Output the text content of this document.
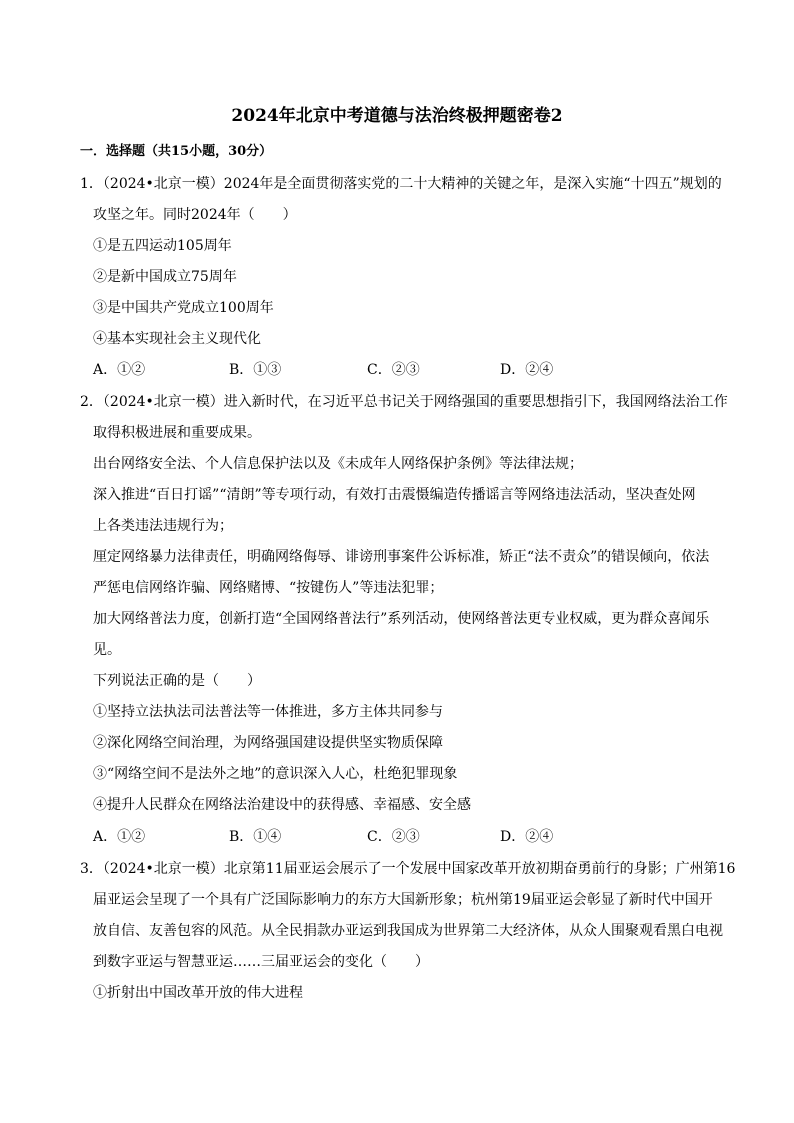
2024年北京中考道德与法治终极押题密卷2
一．选择题（共15小题，30分）
1．（2024•北京一模）2024年是全面贯彻落实党的二十大精神的关键之年，是深入实施“十四五”规划的
攻坚之年。同时2024年（　　）
①是五四运动105周年
②是新中国成立75周年
③是中国共产党成立100周年
④基本实现社会主义现代化
A．①②	B．①③	C．②③	D．②④
2．（2024•北京一模）进入新时代，在习近平总书记关于网络强国的重要思想指引下，我国网络法治工作
取得积极进展和重要成果。
出台网络安全法、个人信息保护法以及《未成年人网络保护条例》等法律法规；
深入推进“百日打谣”“清朗”等专项行动，有效打击震慑编造传播谣言等网络违法活动，坚决查处网
上各类违法违规行为；
厘定网络暴力法律责任，明确网络侮辱、诽谤刑事案件公诉标准，矫正“法不责众”的错误倾向，依法
严惩电信网络诈骗、网络赌博、“按键伤人”等违法犯罪；
加大网络普法力度，创新打造“全国网络普法行”系列活动，使网络普法更专业权威，更为群众喜闻乐
见。
下列说法正确的是（　　）
①坚持立法执法司法普法等一体推进，多方主体共同参与
②深化网络空间治理，为网络强国建设提供坚实物质保障
③“网络空间不是法外之地”的意识深入人心，杜绝犯罪现象
④提升人民群众在网络法治建设中的获得感、幸福感、安全感
A．①②	B．①④	C．②③	D．②④
3．（2024•北京一模）北京第11届亚运会展示了一个发展中国家改革开放初期奋勇前行的身影；广州第16
届亚运会呈现了一个具有广泛国际影响力的东方大国新形象；杭州第19届亚运会彰显了新时代中国开
放自信、友善包容的风范。从全民捐款办亚运到我国成为世界第二大经济体，从众人围聚观看黑白电视
到数字亚运与智慧亚运……三届亚运会的变化（　　）
①折射出中国改革开放的伟大进程
